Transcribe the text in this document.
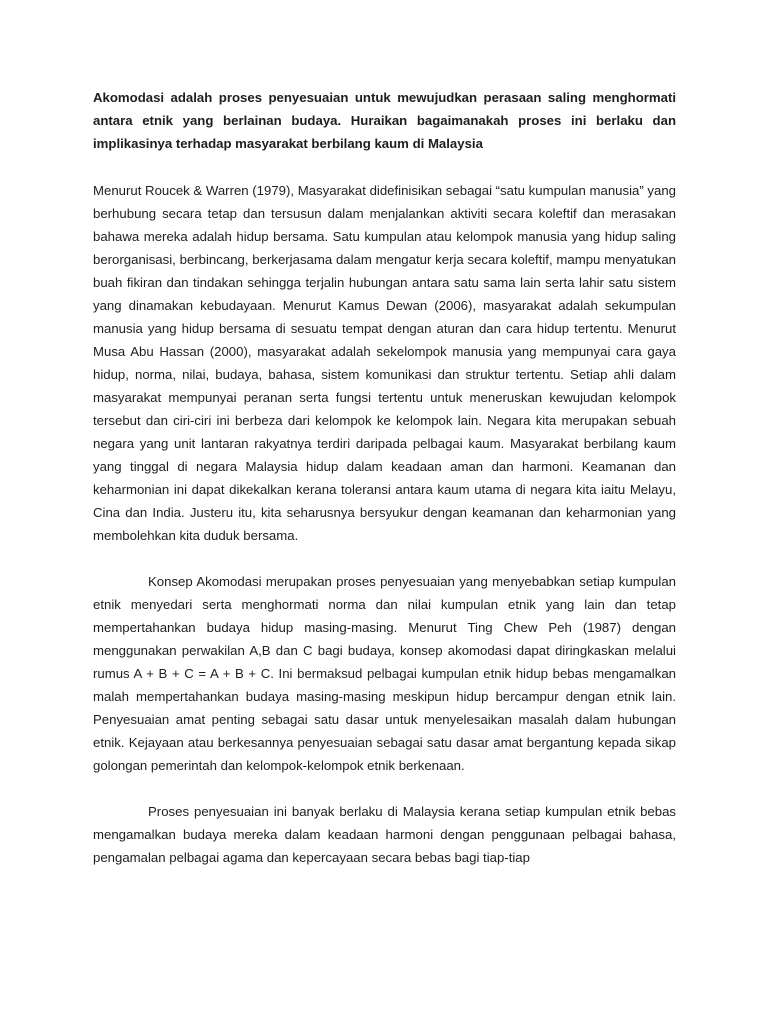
Akomodasi adalah proses penyesuaian untuk mewujudkan perasaan saling menghormati antara etnik yang berlainan budaya. Huraikan bagaimanakah proses ini berlaku dan implikasinya terhadap masyarakat berbilang kaum di Malaysia

Menurut Roucek & Warren (1979), Masyarakat didefinisikan sebagai “satu kumpulan manusia” yang berhubung secara tetap dan tersusun dalam menjalankan aktiviti secara koleftif dan merasakan bahawa mereka adalah hidup bersama. Satu kumpulan atau kelompok manusia yang hidup saling berorganisasi, berbincang, berkerjasama dalam mengatur kerja secara koleftif, mampu menyatukan buah fikiran dan tindakan sehingga terjalin hubungan antara satu sama lain serta lahir satu sistem yang dinamakan kebudayaan. Menurut Kamus Dewan (2006), masyarakat adalah sekumpulan manusia yang hidup bersama di sesuatu tempat dengan aturan dan cara hidup tertentu. Menurut Musa Abu Hassan (2000), masyarakat adalah sekelompok manusia yang mempunyai cara gaya hidup, norma, nilai, budaya, bahasa, sistem komunikasi dan struktur tertentu. Setiap ahli dalam masyarakat mempunyai peranan serta fungsi tertentu untuk meneruskan kewujudan kelompok tersebut dan ciri-ciri ini berbeza dari kelompok ke kelompok lain. Negara kita merupakan sebuah negara yang unit lantaran rakyatnya terdiri daripada pelbagai kaum. Masyarakat berbilang kaum yang tinggal di negara Malaysia hidup dalam keadaan aman dan harmoni. Keamanan dan keharmonian ini dapat dikekalkan kerana toleransi antara kaum utama di negara kita iaitu Melayu, Cina dan India. Justeru itu, kita seharusnya bersyukur dengan keamanan dan keharmonian yang membolehkan kita duduk bersama.

Konsep Akomodasi merupakan proses penyesuaian yang menyebabkan setiap kumpulan etnik menyedari serta menghormati norma dan nilai kumpulan etnik yang lain dan tetap mempertahankan budaya hidup masing-masing. Menurut Ting Chew Peh (1987) dengan menggunakan perwakilan A,B dan C bagi budaya, konsep akomodasi dapat diringkaskan melalui rumus A + B + C = A + B + C. Ini bermaksud pelbagai kumpulan etnik hidup bebas mengamalkan malah mempertahankan budaya masing-masing meskipun hidup bercampur dengan etnik lain. Penyesuaian amat penting sebagai satu dasar untuk menyelesaikan masalah dalam hubungan etnik. Kejayaan atau berkesannya penyesuaian sebagai satu dasar amat bergantung kepada sikap golongan pemerintah dan kelompok-kelompok etnik berkenaan.

Proses penyesuaian ini banyak berlaku di Malaysia kerana setiap kumpulan etnik bebas mengamalkan budaya mereka dalam keadaan harmoni dengan penggunaan pelbagai bahasa, pengamalan pelbagai agama dan kepercayaan secara bebas bagi tiap-tiap
